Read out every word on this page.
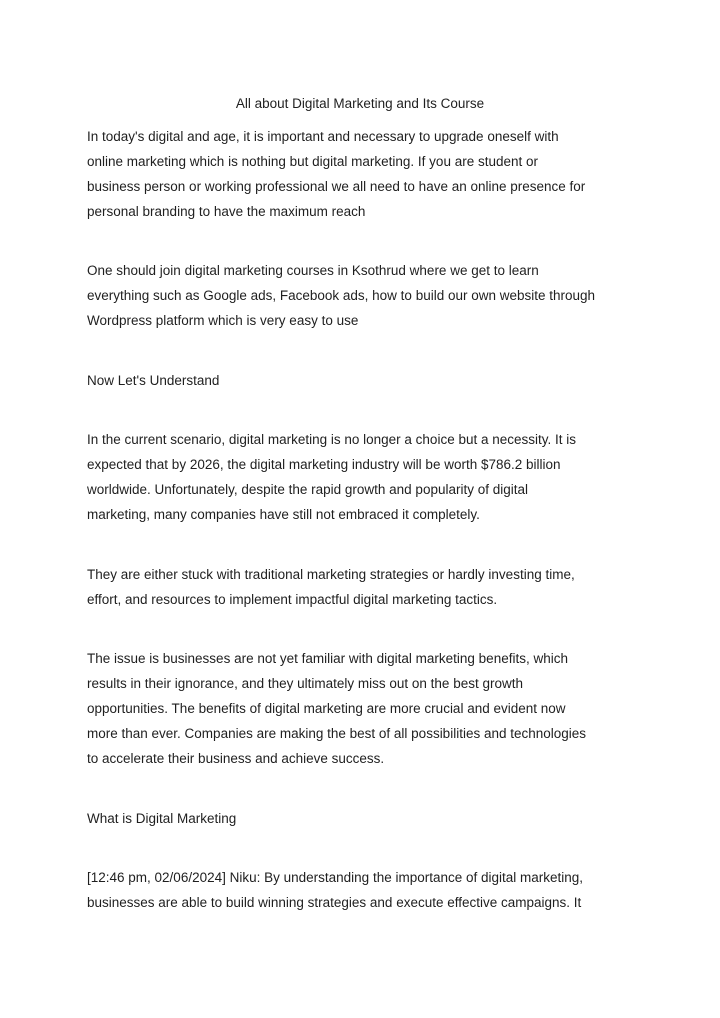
All about Digital Marketing and Its Course

In today's digital and age, it is important and necessary to upgrade oneself with
online marketing which is nothing but digital marketing. If you are student or
business person or working professional we all need to have an online presence for
personal branding to have the maximum reach

One should join digital marketing courses in Ksothrud where we get to learn
everything such as Google ads, Facebook ads, how to build our own website through
Wordpress platform which is very easy to use

Now Let's Understand

In the current scenario, digital marketing is no longer a choice but a necessity. It is
expected that by 2026, the digital marketing industry will be worth $786.2 billion
worldwide. Unfortunately, despite the rapid growth and popularity of digital
marketing, many companies have still not embraced it completely.

They are either stuck with traditional marketing strategies or hardly investing time,
effort, and resources to implement impactful digital marketing tactics.

The issue is businesses are not yet familiar with digital marketing benefits, which
results in their ignorance, and they ultimately miss out on the best growth
opportunities. The benefits of digital marketing are more crucial and evident now
more than ever. Companies are making the best of all possibilities and technologies
to accelerate their business and achieve success.

What is Digital Marketing

[12:46 pm, 02/06/2024] Niku: By understanding the importance of digital marketing,
businesses are able to build winning strategies and execute effective campaigns. It
